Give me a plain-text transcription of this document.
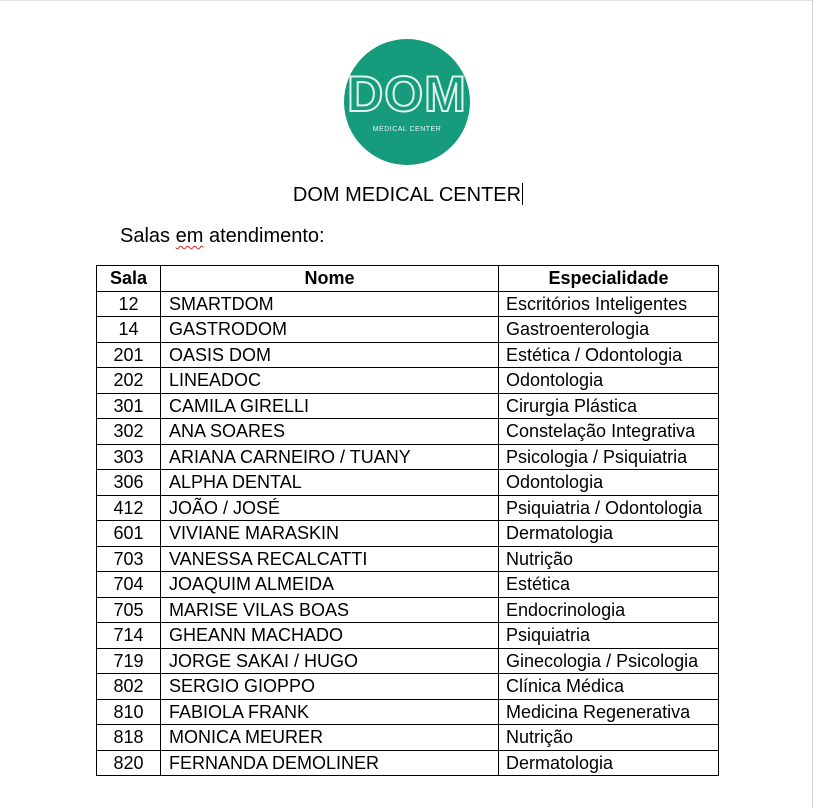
DOM
MEDICAL CENTER
DOM MEDICAL CENTER
Salas em atendimento:
Sala	Nome	Especialidade
12	SMARTDOM	Escritórios Inteligentes
14	GASTRODOM	Gastroenterologia
201	OASIS DOM	Estética / Odontologia
202	LINEADOC	Odontologia
301	CAMILA GIRELLI	Cirurgia Plástica
302	ANA SOARES	Constelação Integrativa
303	ARIANA CARNEIRO / TUANY	Psicologia / Psiquiatria
306	ALPHA DENTAL	Odontologia
412	JOÃO / JOSÉ	Psiquiatria / Odontologia
601	VIVIANE MARASKIN	Dermatologia
703	VANESSA RECALCATTI	Nutrição
704	JOAQUIM ALMEIDA	Estética
705	MARISE VILAS BOAS	Endocrinologia
714	GHEANN MACHADO	Psiquiatria
719	JORGE SAKAI / HUGO	Ginecologia / Psicologia
802	SERGIO GIOPPO	Clínica Médica
810	FABIOLA FRANK	Medicina Regenerativa
818	MONICA MEURER	Nutrição
820	FERNANDA DEMOLINER	Dermatologia
